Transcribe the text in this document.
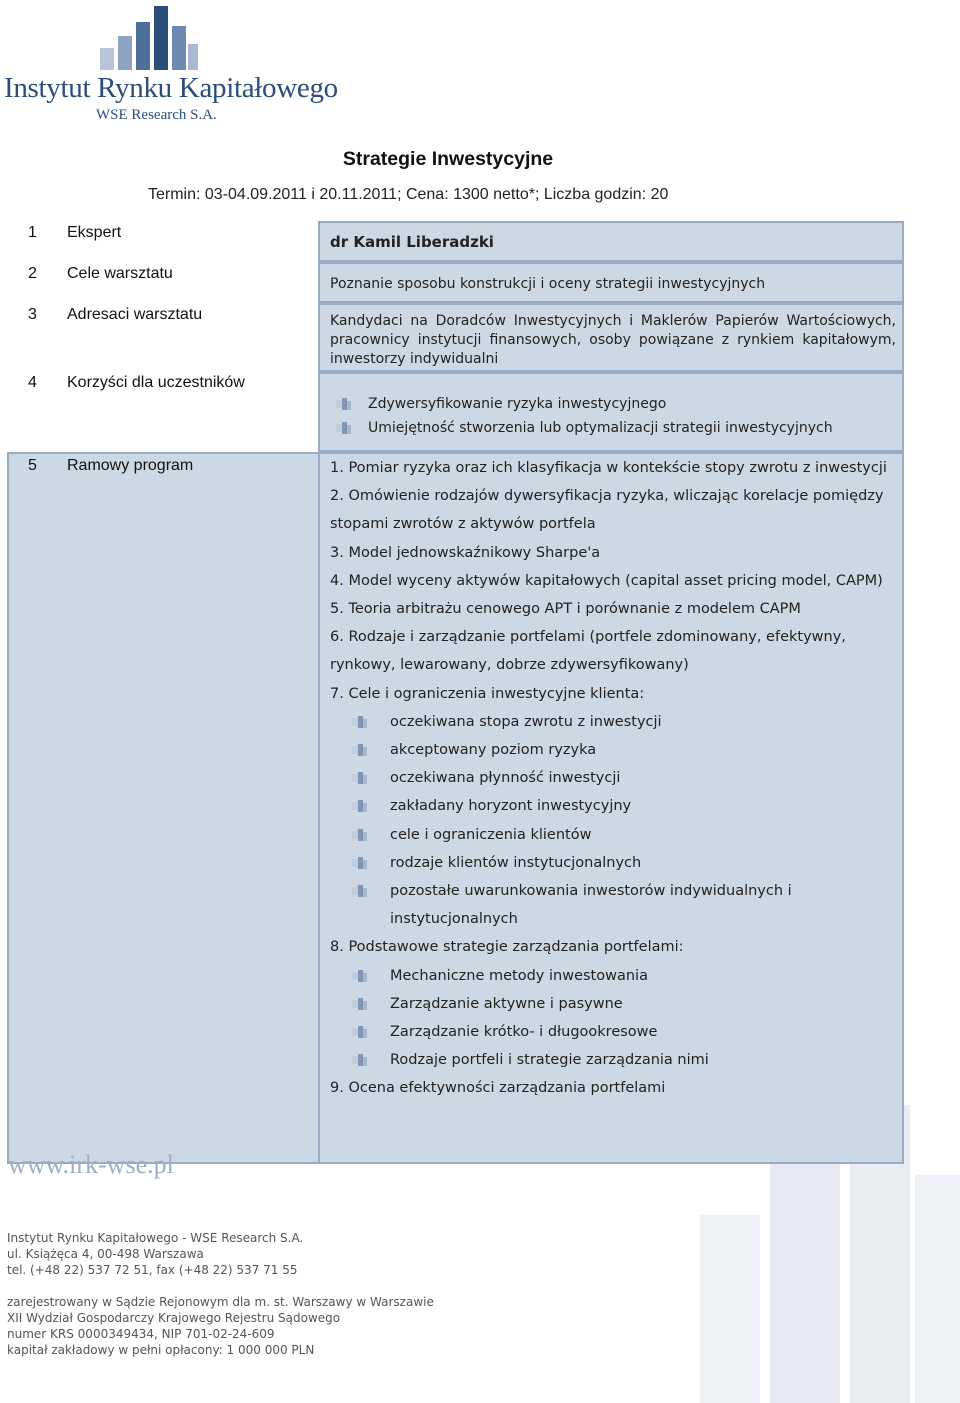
Instytut Rynku Kapitałowego
WSE Research S.A.
Strategie Inwestycyjne
Termin: 03-04.09.2011 i 20.11.2011; Cena: 1300 netto*; Liczba godzin: 20
1 Ekspert
2 Cele warsztatu
3 Adresaci warsztatu
4 Korzyści dla uczestników
5 Ramowy program
dr Kamil Liberadzki
Poznanie sposobu konstrukcji i oceny strategii inwestycyjnych
Kandydaci na Doradców Inwestycyjnych i Maklerów Papierów Wartościowych, pracownicy instytucji finansowych, osoby powiązane z rynkiem kapitałowym, inwestorzy indywidualni
Zdywersyfikowanie ryzyka inwestycyjnego
Umiejętność stworzenia lub optymalizacji strategii inwestycyjnych
1. Pomiar ryzyka oraz ich klasyfikacja w kontekście stopy zwrotu z inwestycji
2. Omówienie rodzajów dywersyfikacja ryzyka, wliczając korelacje pomiędzy stopami zwrotów z aktywów portfela
3. Model jednowskaźnikowy Sharpe'a
4. Model wyceny aktywów kapitałowych (capital asset pricing model, CAPM)
5. Teoria arbitrażu cenowego APT i porównanie z modelem CAPM
6. Rodzaje i zarządzanie portfelami (portfele zdominowany, efektywny, rynkowy, lewarowany, dobrze zdywersyfikowany)
7. Cele i ograniczenia inwestycyjne klienta:
oczekiwana stopa zwrotu z inwestycji
akceptowany poziom ryzyka
oczekiwana płynność inwestycji
zakładany horyzont inwestycyjny
cele i ograniczenia klientów
rodzaje klientów instytucjonalnych
pozostałe uwarunkowania inwestorów indywidualnych i instytucjonalnych
8. Podstawowe strategie zarządzania portfelami:
Mechaniczne metody inwestowania
Zarządzanie aktywne i pasywne
Zarządzanie krótko- i długookresowe
Rodzaje portfeli i strategie zarządzania nimi
9. Ocena efektywności zarządzania portfelami
www.irk-wse.pl
Instytut Rynku Kapitałowego - WSE Research S.A.
ul. Książęca 4, 00-498 Warszawa
tel. (+48 22) 537 72 51, fax (+48 22) 537 71 55
zarejestrowany w Sądzie Rejonowym dla m. st. Warszawy w Warszawie
XII Wydział Gospodarczy Krajowego Rejestru Sądowego
numer KRS 0000349434, NIP 701-02-24-609
kapitał zakładowy w pełni opłacony: 1 000 000 PLN
